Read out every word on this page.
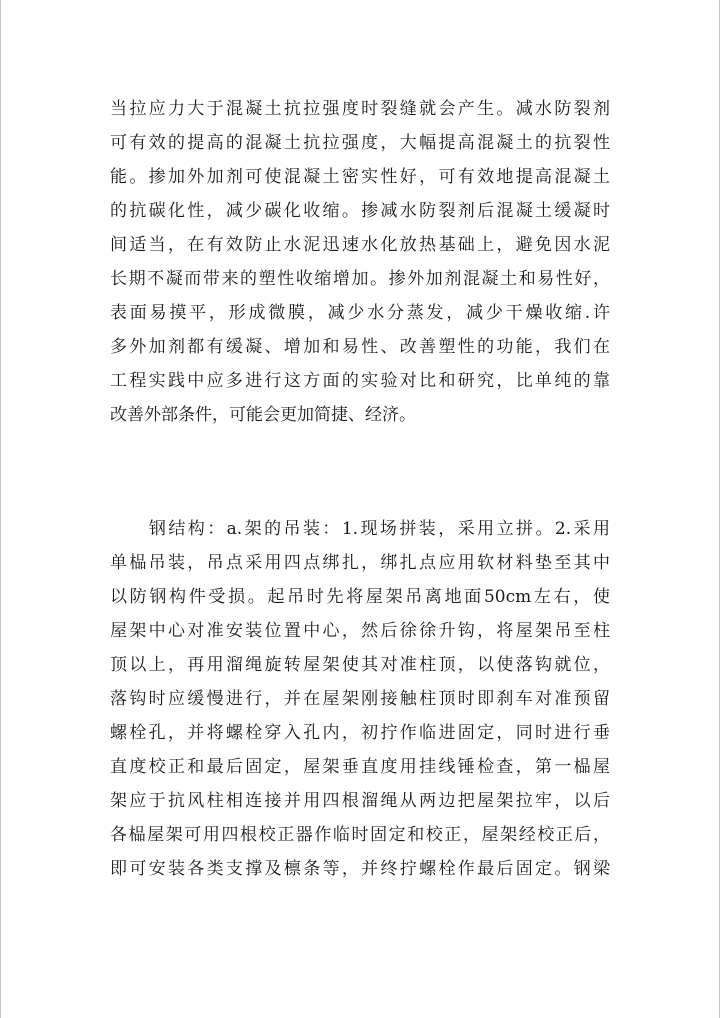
当拉应力大于混凝土抗拉强度时裂缝就会产生。减水防裂剂
可有效的提高的混凝土抗拉强度，大幅提高混凝土的抗裂性
能。掺加外加剂可使混凝土密实性好，可有效地提高混凝土
的抗碳化性，减少碳化收缩。掺减水防裂剂后混凝土缓凝时
间适当，在有效防止水泥迅速水化放热基础上，避免因水泥
长期不凝而带来的塑性收缩增加。掺外加剂混凝土和易性好，
表面易摸平，形成微膜，减少水分蒸发，减少干燥收缩.许
多外加剂都有缓凝、增加和易性、改善塑性的功能，我们在
工程实践中应多进行这方面的实验对比和研究，比单纯的靠
改善外部条件，可能会更加简捷、经济。
　　钢结构：a.架的吊装：1.现场拼装，采用立拼。2.采用
单榀吊装，吊点采用四点绑扎，绑扎点应用软材料垫至其中
以防钢构件受损。起吊时先将屋架吊离地面50cm左右，使
屋架中心对准安装位置中心，然后徐徐升钩，将屋架吊至柱
顶以上，再用溜绳旋转屋架使其对准柱顶，以使落钩就位，
落钩时应缓慢进行，并在屋架刚接触柱顶时即刹车对准预留
螺栓孔，并将螺栓穿入孔内，初拧作临进固定，同时进行垂
直度校正和最后固定，屋架垂直度用挂线锤检查，第一榀屋
架应于抗风柱相连接并用四根溜绳从两边把屋架拉牢，以后
各榀屋架可用四根校正器作临时固定和校正，屋架经校正后，
即可安装各类支撑及檩条等，并终拧螺栓作最后固定。钢梁
